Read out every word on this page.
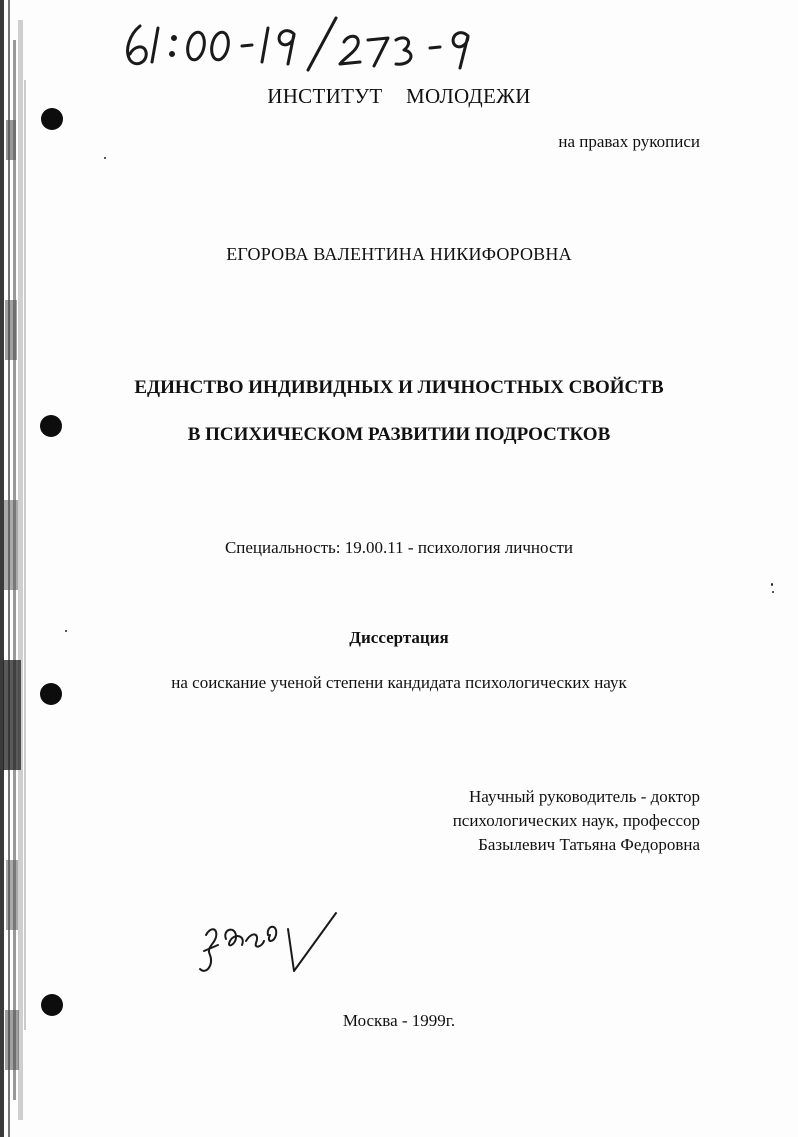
61: 00-19/273-9
ИНСТИТУТ МОЛОДЕЖИ
на правах рукописи
ЕГОРОВА ВАЛЕНТИНА НИКИФОРОВНА
ЕДИНСТВО ИНДИВИДНЫХ И ЛИЧНОСТНЫХ СВОЙСТВ
В ПСИХИЧЕСКОМ РАЗВИТИИ ПОДРОСТКОВ
Специальность: 19.00.11 - психология личности
Диссертация
на соискание ученой степени кандидата психологических наук
Научный руководитель - доктор
психологических наук, профессор
Базылевич Татьяна Федоровна
Москва - 1999г.
